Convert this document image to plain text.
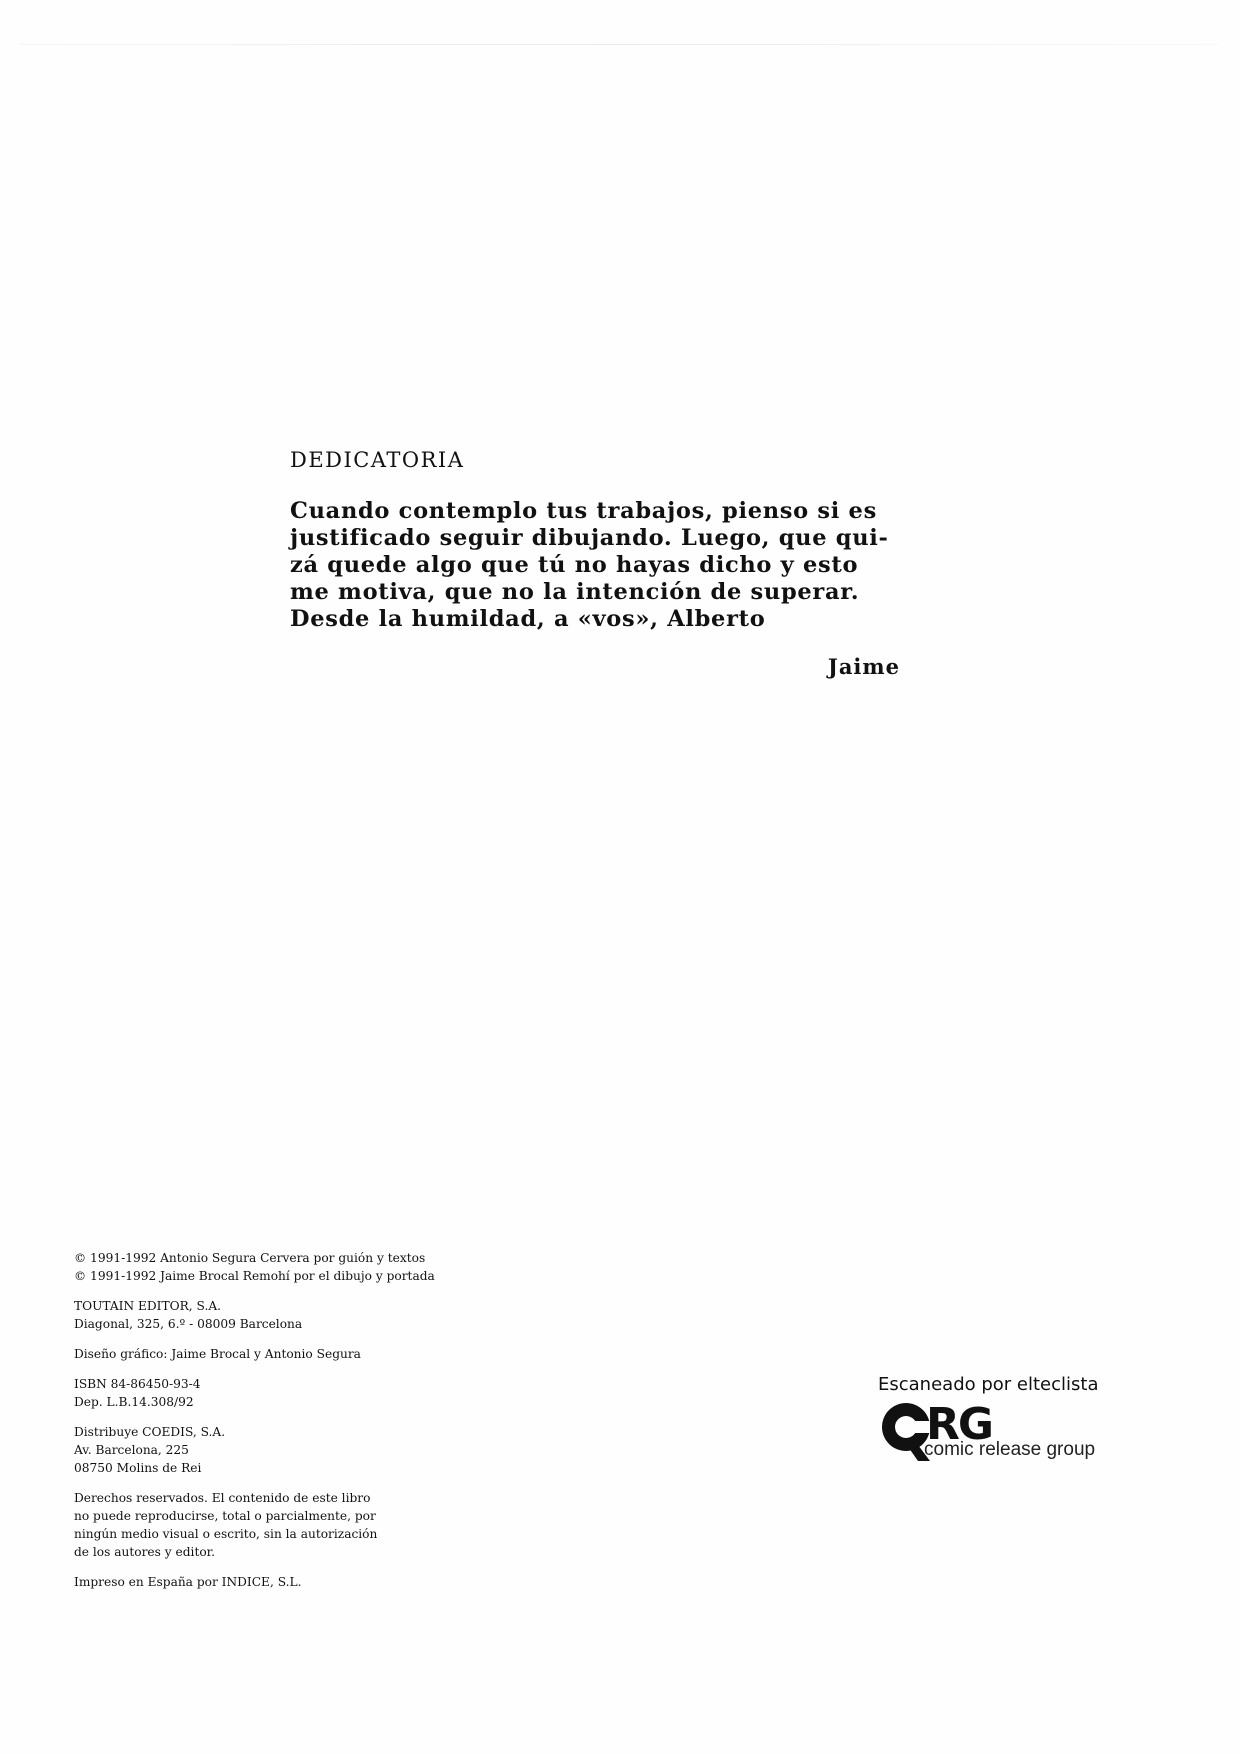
DEDICATORIA

Cuando contemplo tus trabajos, pienso si es

justificado seguir dibujando. Luego, que qui-

zá quede algo que tú no hayas dicho y esto

me motiva, que no la intención de superar.

Desde la humildad, a «vos», Alberto

Jaime
© 1991-1992 Antonio Segura Cervera por guión y textos
© 1991-1992 Jaime Brocal Remohí por el dibujo y portada
TOUTAIN EDITOR, S.A.
Diagonal, 325, 6.º - 08009 Barcelona
Diseño gráfico: Jaime Brocal y Antonio Segura
ISBN 84-86450-93-4
Dep. L.B.14.308/92
Distribuye COEDIS, S.A.
Av. Barcelona, 225
08750 Molins de Rei
Derechos reservados. El contenido de este libro
no puede reproducirse, total o parcialmente, por
ningún medio visual o escrito, sin la autorización
de los autores y editor.
Impreso en España por INDICE, S.L.
Escaneado por elteclista
RG
comic release group
